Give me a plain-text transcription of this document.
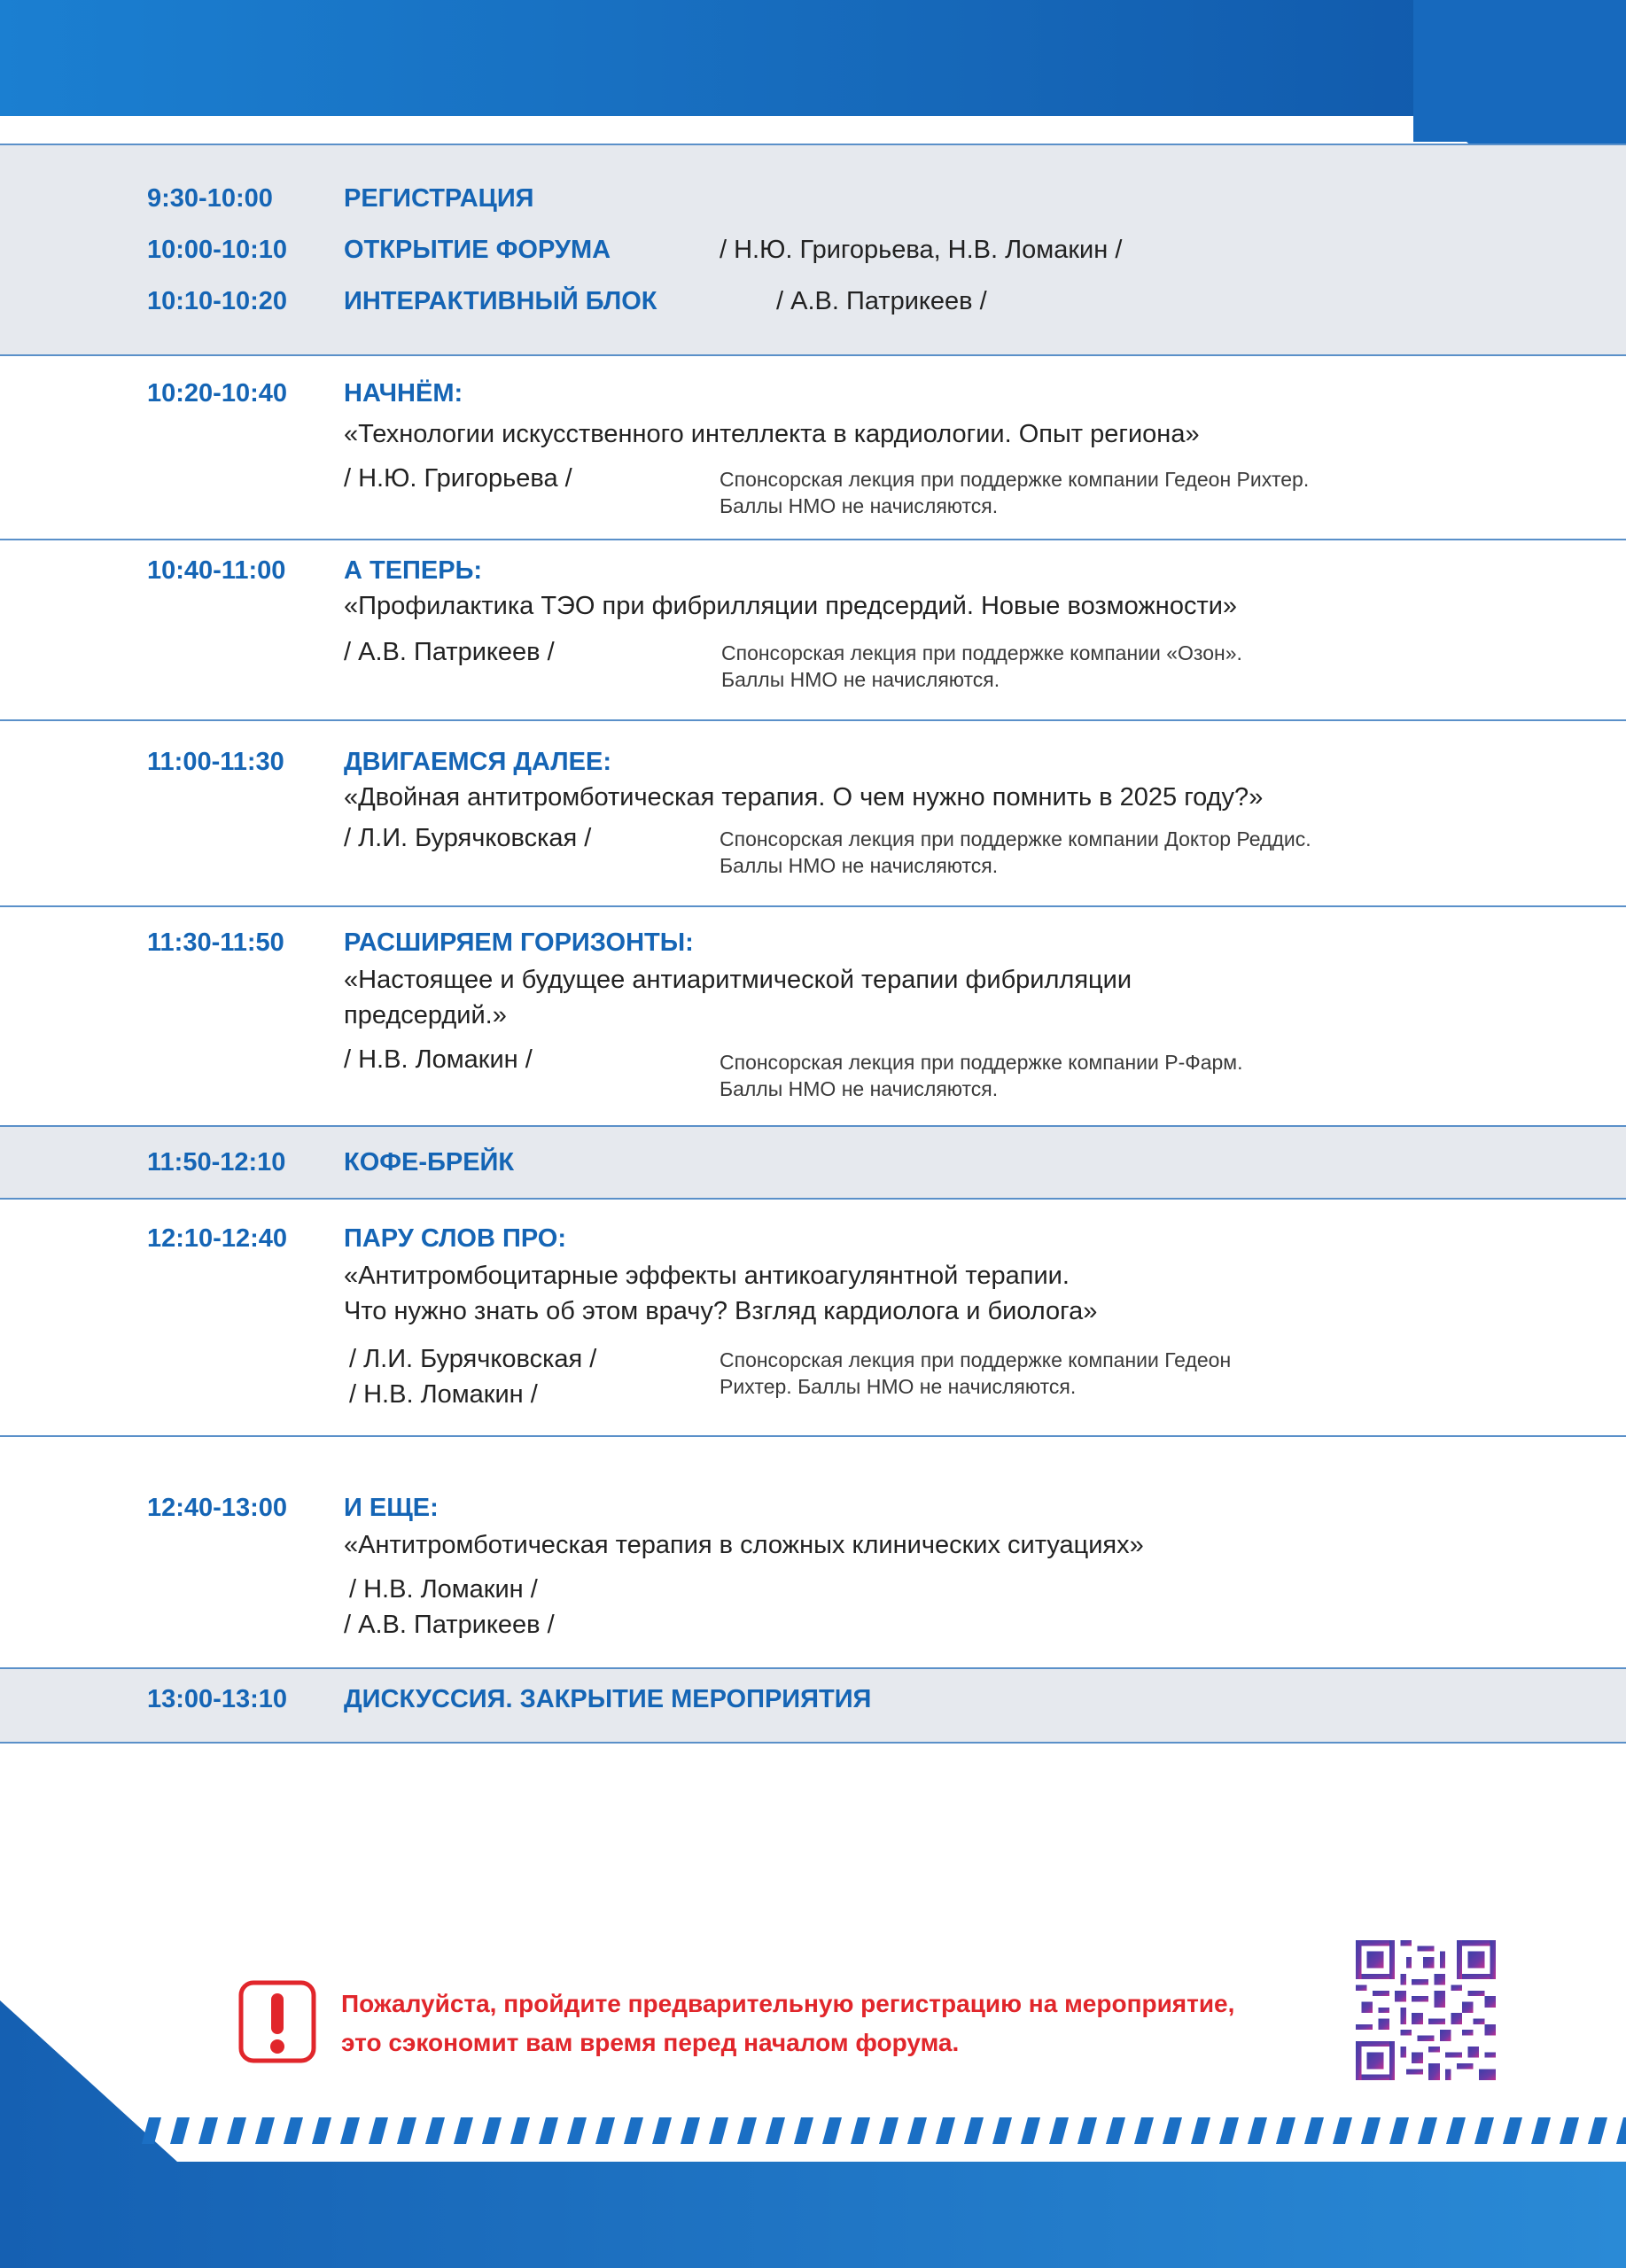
9:30-10:00	РЕГИСТРАЦИЯ
10:00-10:10 ОТКРЫТИЕ ФОРУМА	/ Н.Ю. Григорьева, Н.В. Ломакин /
10:10-10:20 ИНТЕРАКТИВНЫЙ БЛОК	/ А.В. Патрикеев /
10:20-10:40 НАЧНЁМ:
«Технологии искусственного интеллекта в кардиологии. Опыт региона»
/ Н.Ю. Григорьева /	Спонсорская лекция при поддержке компании Гедеон Рихтер.
Баллы НМО не начисляются.
10:40-11:00 А ТЕПЕРЬ:
«Профилактика ТЭО при фибрилляции предсердий. Новые возможности»
/ А.В. Патрикеев /	Спонсорская лекция при поддержке компании «Озон».
Баллы НМО не начисляются.
11:00-11:30 ДВИГАЕМСЯ ДАЛЕЕ:
«Двойная антитромботическая терапия. О чем нужно помнить в 2025 году?»
/ Л.И. Бурячковская /	Спонсорская лекция при поддержке компании Доктор Реддис.
Баллы НМО не начисляются.
11:30-11:50 РАСШИРЯЕМ ГОРИЗОНТЫ:
«Настоящее и будущее антиаритмической терапии фибрилляции
предсердий.»
/ Н.В. Ломакин /	Спонсорская лекция при поддержке компании Р-Фарм.
Баллы НМО не начисляются.
11:50-12:10 КОФЕ-БРЕЙК
12:10-12:40 ПАРУ СЛОВ ПРО:
«Антитромбоцитарные эффекты антикоагулянтной терапии.
Что нужно знать об этом врачу? Взгляд кардиолога и биолога»
/ Л.И. Бурячковская /
/ Н.В. Ломакин /
Спонсорская лекция при поддержке компании Гедеон
Рихтер. Баллы НМО не начисляются.
12:40-13:00 И ЕЩЕ:
«Антитромботическая терапия в сложных клинических ситуациях»
/ Н.В. Ломакин /
/ А.В. Патрикеев /
13:00-13:10 ДИСКУССИЯ. ЗАКРЫТИЕ МЕРОПРИЯТИЯ
Пожалуйста, пройдите предварительную регистрацию на мероприятие,
это сэкономит вам время перед началом форума.
